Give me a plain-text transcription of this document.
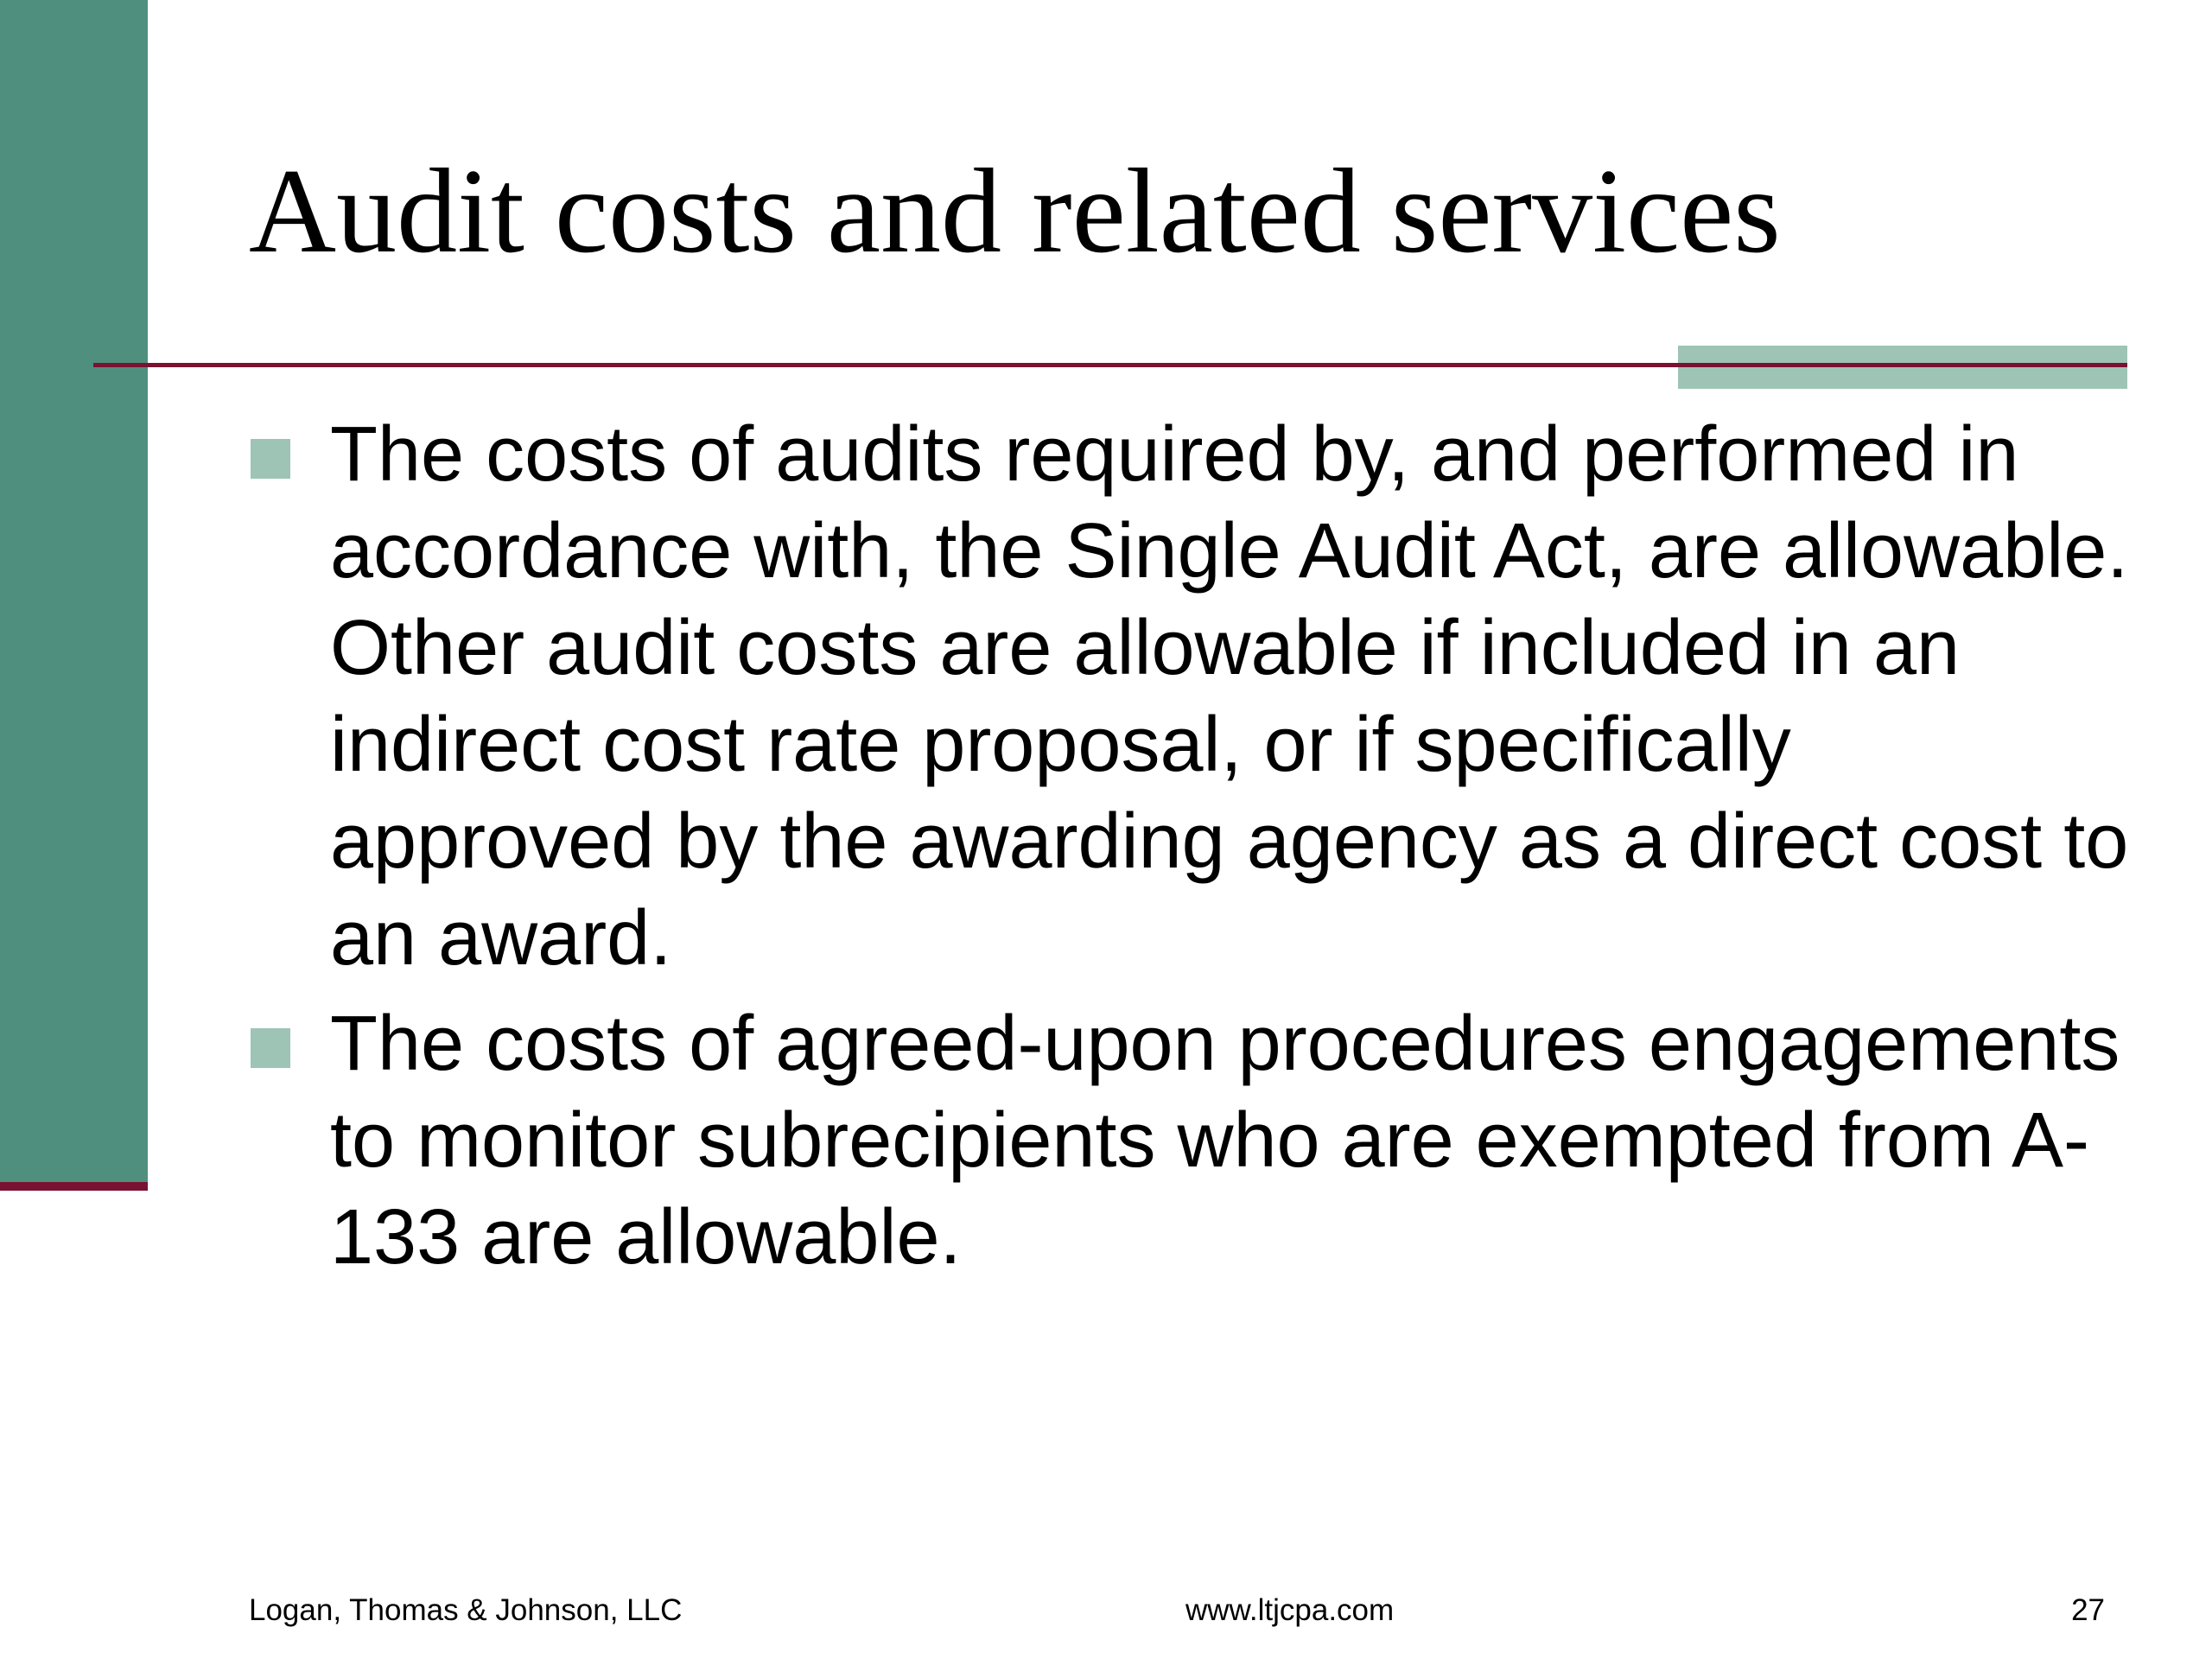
Audit costs and related services
The costs of audits required by, and performed in accordance with, the Single Audit Act, are allowable. Other audit costs are allowable if included in an indirect cost rate proposal, or if specifically approved by the awarding agency as a direct cost to an award.
The costs of agreed-upon procedures engagements to monitor subrecipients who are exempted from A-133 are allowable.
Logan, Thomas & Johnson, LLC	www.ltjcpa.com	27
